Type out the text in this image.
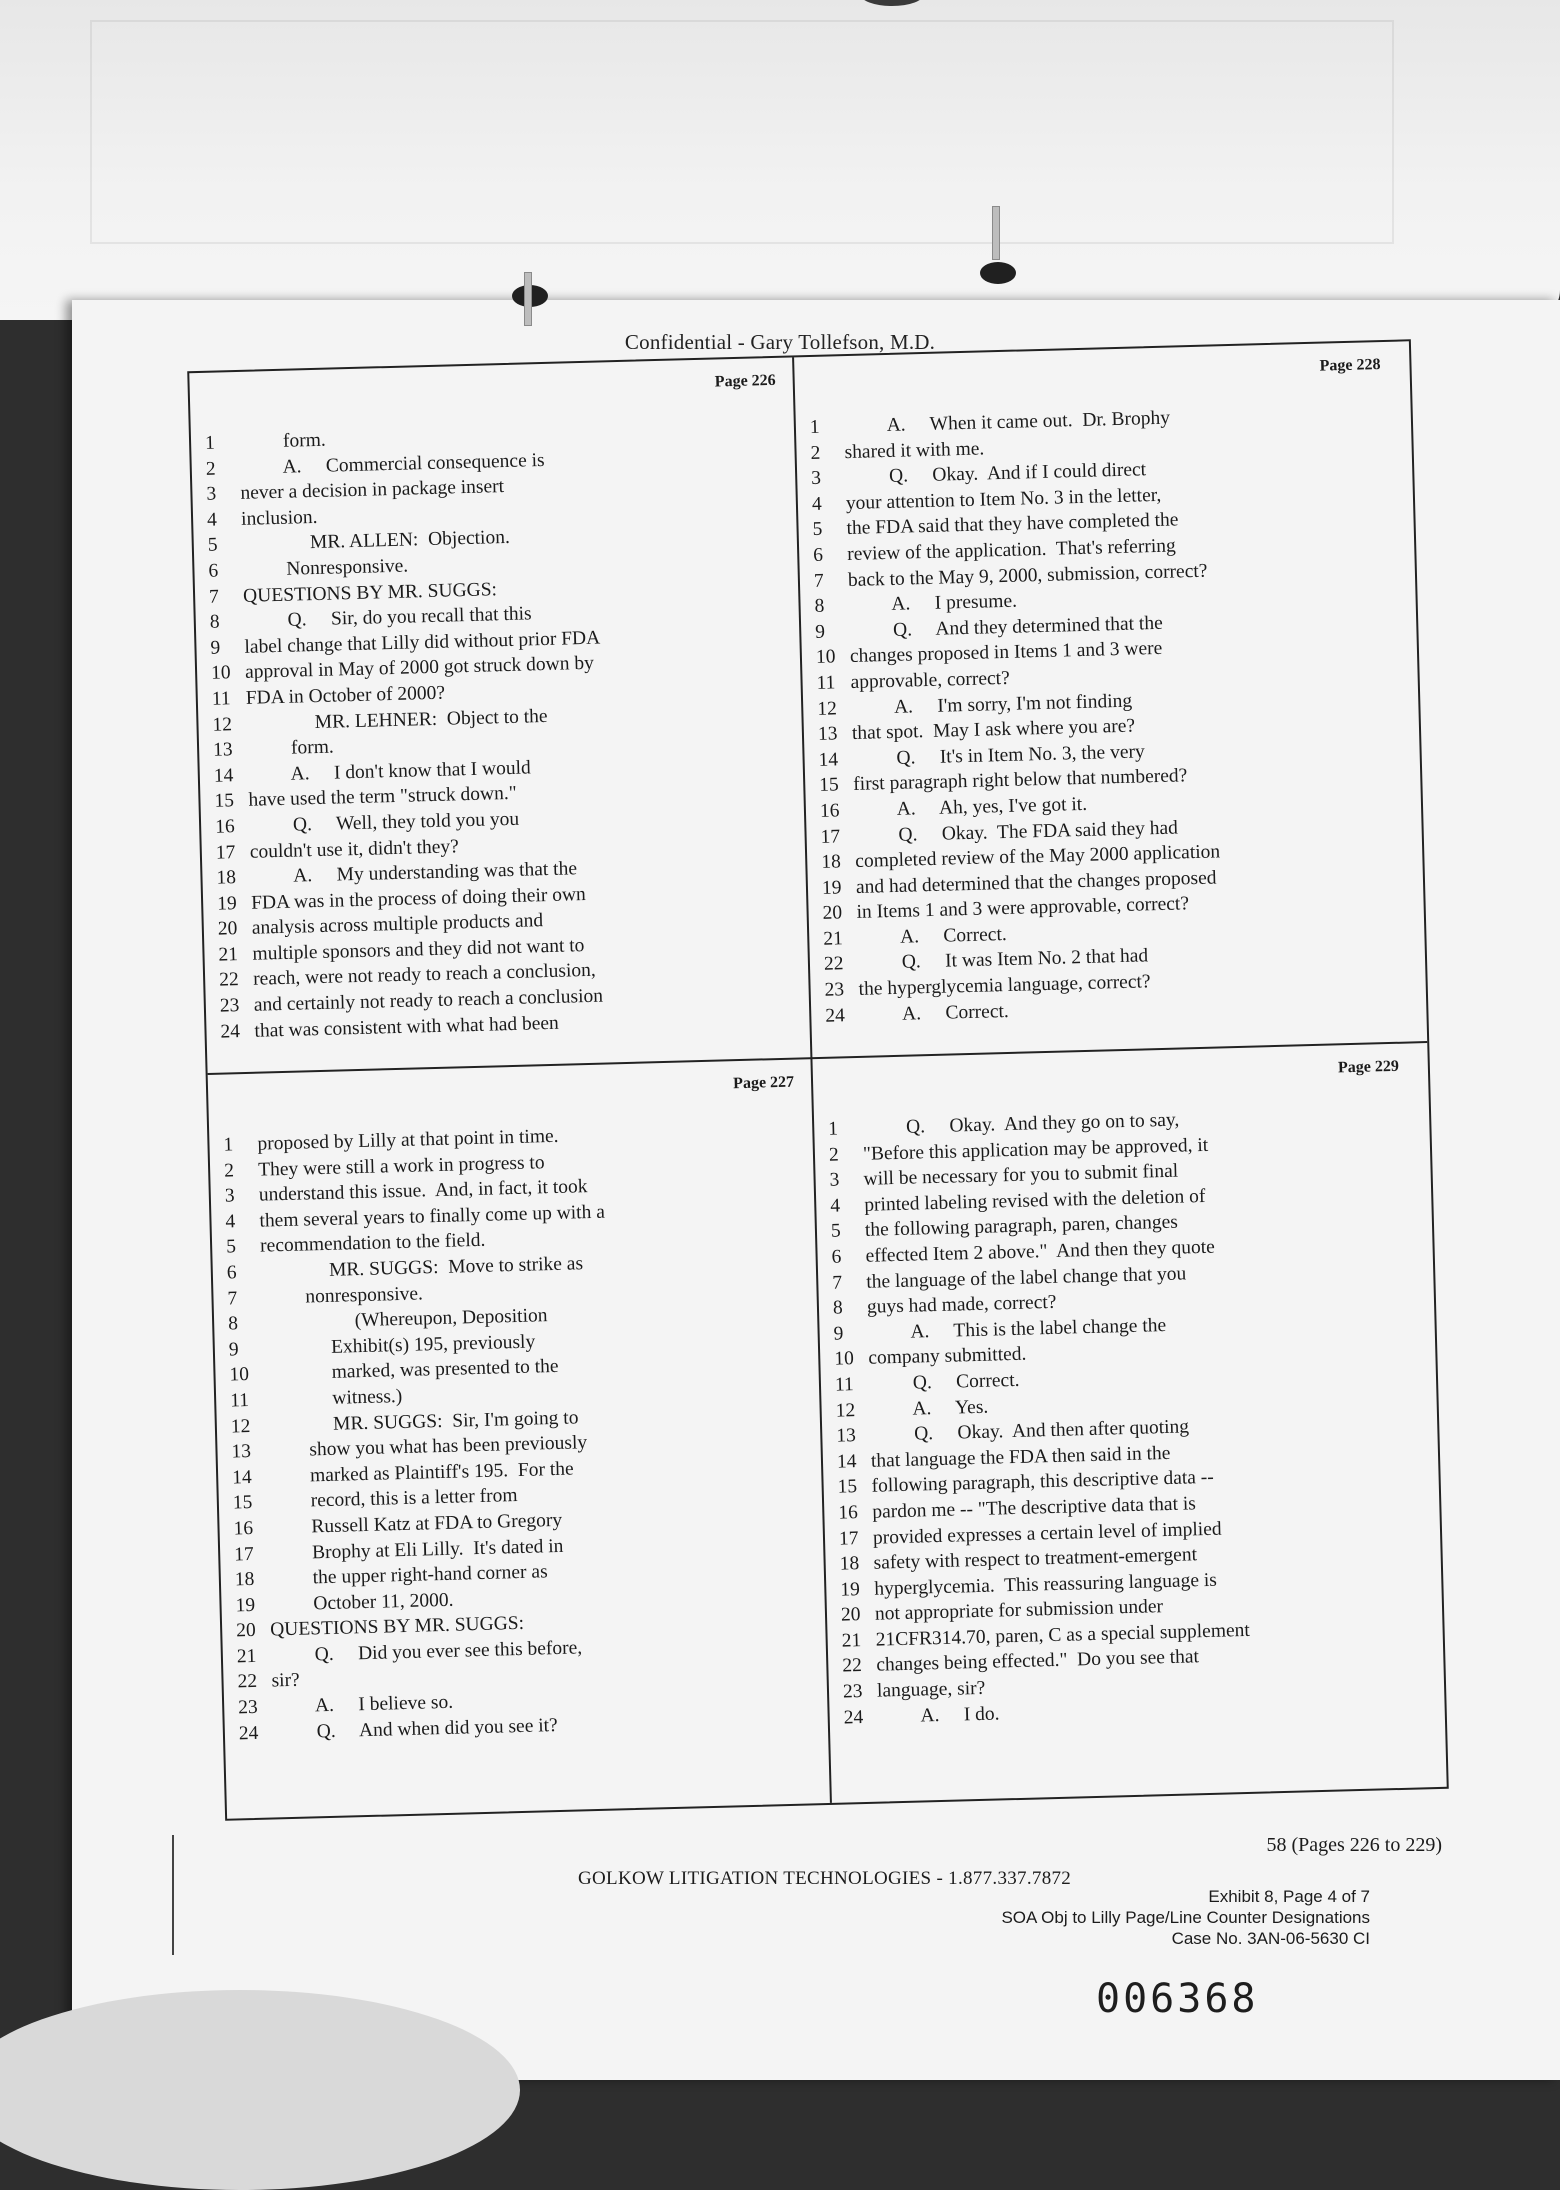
Confidential - Gary Tollefson, M.D.
Page 226
1	form.
2	A.     Commercial consequence is
3	never a decision in package insert
4	inclusion.
5	MR. ALLEN:  Objection.
6	Nonresponsive.
7	QUESTIONS BY MR. SUGGS:
8	Q.     Sir, do you recall that this
9	label change that Lilly did without prior FDA
10 approval in May of 2000 got struck down by
11 FDA in October of 2000?
12 MR. LEHNER:  Object to the
13 form.
14 A.     I don't know that I would
15 have used the term "struck down."
16 Q.     Well, they told you you
17 couldn't use it, didn't they?
18 A.     My understanding was that the
19 FDA was in the process of doing their own
20 analysis across multiple products and
21 multiple sponsors and they did not want to
22 reach, were not ready to reach a conclusion,
23 and certainly not ready to reach a conclusion
24 that was consistent with what had been
Page 228
1	A.     When it came out.  Dr. Brophy
2	shared it with me.
3	Q.     Okay.  And if I could direct
4	your attention to Item No. 3 in the letter,
5	the FDA said that they have completed the
6	review of the application.  That's referring
7	back to the May 9, 2000, submission, correct?
8	A.     I presume.
9	Q.     And they determined that the
10 changes proposed in Items 1 and 3 were
11 approvable, correct?
12 A.     I'm sorry, I'm not finding
13 that spot.  May I ask where you are?
14 Q.     It's in Item No. 3, the very
15 first paragraph right below that numbered?
16 A.     Ah, yes, I've got it.
17 Q.     Okay.  The FDA said they had
18 completed review of the May 2000 application
19 and had determined that the changes proposed
20 in Items 1 and 3 were approvable, correct?
21 A.     Correct.
22 Q.     It was Item No. 2 that had
23 the hyperglycemia language, correct?
24 A.     Correct.
Page 227
1	proposed by Lilly at that point in time.
2	They were still a work in progress to
3	understand this issue.  And, in fact, it took
4	them several years to finally come up with a
5	recommendation to the field.
6	MR. SUGGS:  Move to strike as
7	nonresponsive.
8	(Whereupon, Deposition
9	Exhibit(s) 195, previously
10 marked, was presented to the
11 witness.)
12 MR. SUGGS:  Sir, I'm going to
13 show you what has been previously
14 marked as Plaintiff's 195.  For the
15 record, this is a letter from
16 Russell Katz at FDA to Gregory
17 Brophy at Eli Lilly.  It's dated in
18 the upper right-hand corner as
19 October 11, 2000.
20 QUESTIONS BY MR. SUGGS:
21 Q.     Did you ever see this before,
22 sir?
23 A.     I believe so.
24 Q.     And when did you see it?
Page 229
1	Q.     Okay.  And they go on to say,
2	"Before this application may be approved, it
3	will be necessary for you to submit final
4	printed labeling revised with the deletion of
5	the following paragraph, paren, changes
6	effected Item 2 above."  And then they quote
7	the language of the label change that you
8	guys had made, correct?
9	A.     This is the label change the
10 company submitted.
11 Q.     Correct.
12 A.     Yes.
13 Q.     Okay.  And then after quoting
14 that language the FDA then said in the
15 following paragraph, this descriptive data --
16 pardon me -- "The descriptive data that is
17 provided expresses a certain level of implied
18 safety with respect to treatment-emergent
19 hyperglycemia.  This reassuring language is
20 not appropriate for submission under
21 21CFR314.70, paren, C as a special supplement
22 changes being effected."  Do you see that
23 language, sir?
24 A.     I do.
58 (Pages 226 to 229)
GOLKOW LITIGATION TECHNOLOGIES - 1.877.337.7872
Exhibit 8, Page 4 of 7
SOA Obj to Lilly Page/Line Counter Designations
Case No. 3AN-06-5630 CI
006368
